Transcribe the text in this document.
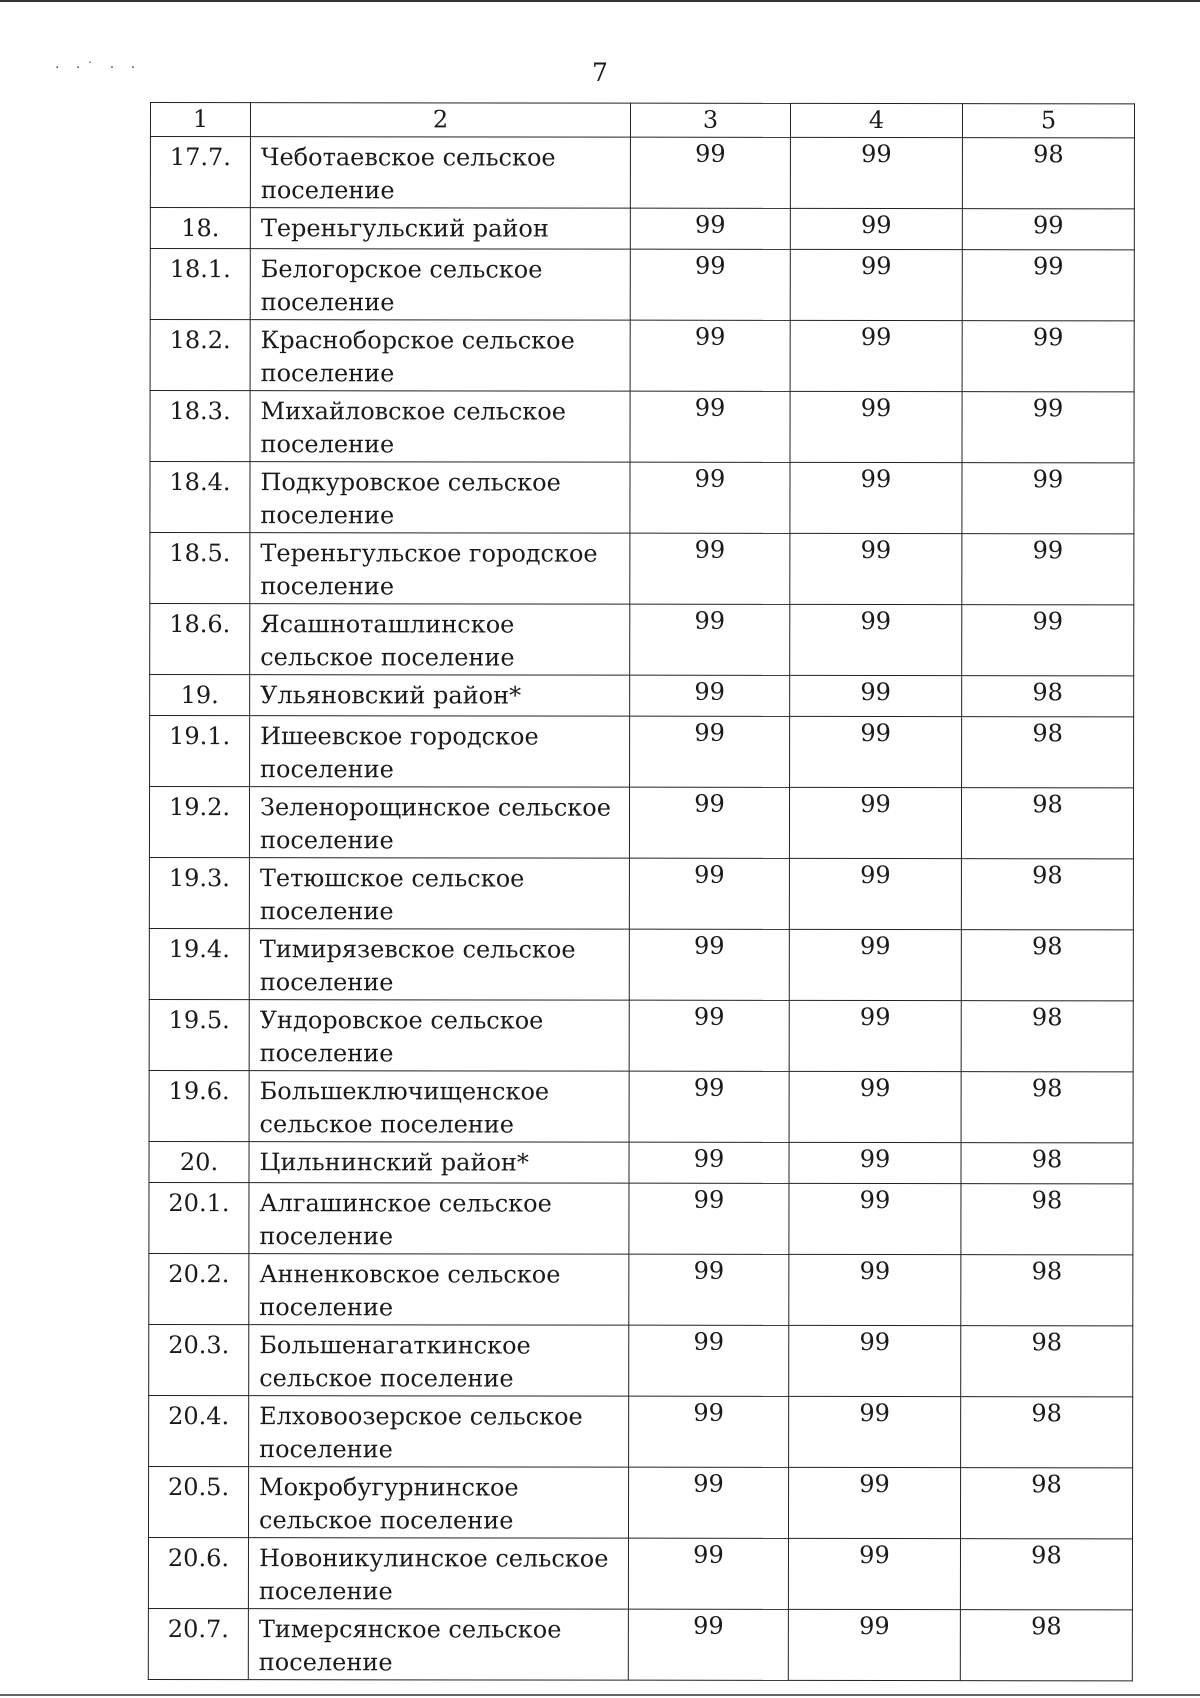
· ·˙ · ·	7
1	2	3	4	5
17.7.	Чеботаевское сельское поселение	99	99	98
18.	Тереньгульский район	99	99	99
18.1.	Белогорское сельское поселение	99	99	99
18.2.	Красноборское сельское поселение	99	99	99
18.3.	Михайловское сельское поселение	99	99	99
18.4.	Подкуровское сельское поселение	99	99	99
18.5.	Тереньгульское городское поселение	99	99	99
18.6.	Ясашноташлинское сельское поселение	99	99	99
19.	Ульяновский район*	99	99	98
19.1.	Ишеевское городское поселение	99	99	98
19.2.	Зеленорощинское сельское поселение	99	99	98
19.3.	Тетюшское сельское поселение	99	99	98
19.4.	Тимирязевское сельское поселение	99	99	98
19.5.	Ундоровское сельское поселение	99	99	98
19.6.	Большеключищенское сельское поселение	99	99	98
20.	Цильнинский район*	99	99	98
20.1.	Алгашинское сельское поселение	99	99	98
20.2.	Анненковское сельское поселение	99	99	98
20.3.	Большенагаткинское сельское поселение	99	99	98
20.4.	Елховоозерское сельское поселение	99	99	98
20.5.	Мокробугурнинское сельское поселение	99	99	98
20.6.	Новоникулинское сельское поселение	99	99	98
20.7.	Тимерсянское сельское поселение	99	99	98
